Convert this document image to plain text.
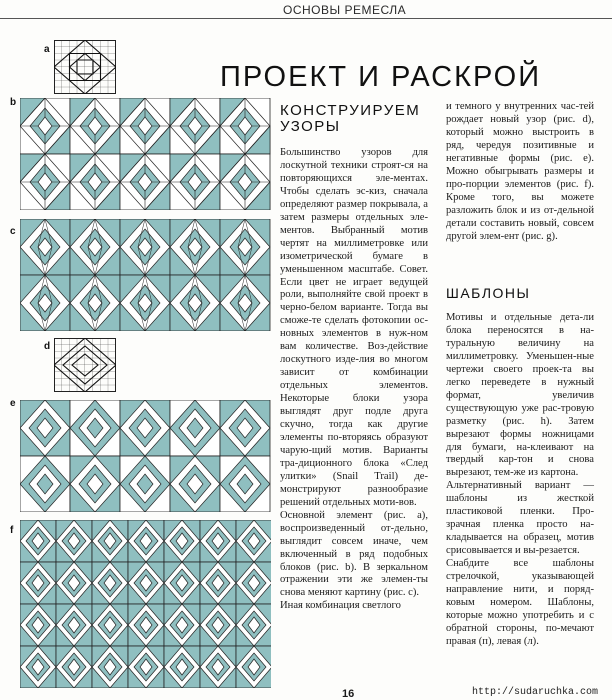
ОСНОВЫ РЕМЕСЛА
ПРОЕКТ И РАСКРОЙ
a
b
c
d
e
f
КОНСТРУИРУЕМ
УЗОРЫ

Большинство узоров для лоскутной техники строят-ся на повторяющихся эле-ментах. Чтобы сделать эс-киз, сначала определяют размер покрывала, а затем размеры отдельных эле-ментов. Выбранный мотив чертят на миллиметровке или изометрической бумаге в уменьшенном масштабе. Совет. Если цвет не играет ведущей роли, выполняйте свой проект в черно-белом варианте. Тогда вы сможе-те сделать фотокопии ос-новных элементов в нуж-ном вам количестве. Воз-действие лоскутного изде-лия во многом зависит от комбинации отдельных элементов. Некоторые блоки узора выглядят друг подле друга скучно, тогда как другие элементы по-вторяясь образуют чарую-щий мотив. Варианты тра-диционного блока «След улитки» (Snail Trail) де-монстрируют разнообразие решений отдельных моти-вов.

Основной элемент (рис. a), воспроизведенный от-дельно, выглядит совсем иначе, чем включенный в ряд подобных блоков (рис. b). В зеркальном отражении эти же элемен-ты снова меняют картину (рис. c).

Иная комбинация светлого

и темного у внутренних час-тей рождает новый узор (рис. d), который можно выстроить в ряд, чередуя позитивные и негативные формы (рис. e). Можно обыгрывать размеры и про-порции элементов (рис. f). Кроме того, вы можете разложить блок и из от-дельной детали составить новый, совсем другой элем-ент (рис. g).

ШАБЛОНЫ

Мотивы и отдельные дета-ли блока переносятся в на-туральную величину на миллиметровку. Уменьшен-ные чертежи своего проек-та вы легко переведете в нужный формат, увеличив существующую уже рас-тровую разметку (рис. h). Затем вырезают формы ножницами для бумаги, на-клеивают на твердый кар-тон и снова вырезают, тем-же из картона.

Альтернативный вариант — шаблоны из жесткой пластиковой пленки. Про-зрачная пленка просто на-кладывается на образец, мотив срисовывается и вы-резается.

Снабдите все шаблоны стрелочкой, указывающей направление нити, и поряд-ковым номером. Шаблоны, которые можно употребить и с обратной стороны, по-мечают правая (п), левая (л).

16	http://sudaruchka.com
